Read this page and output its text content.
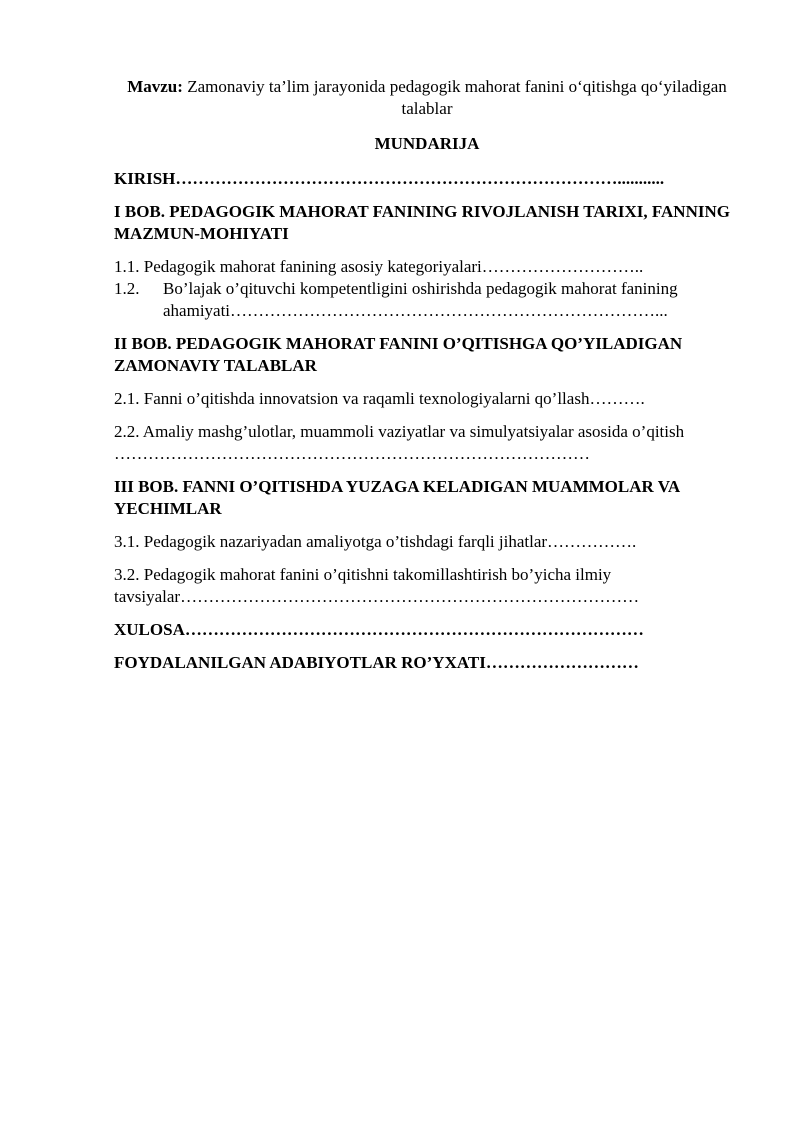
Mavzu: Zamonaviy ta’lim jarayonida pedagogik mahorat fanini o‘qitishga qo‘yiladigan talablar

MUNDARIJA

KIRISH……………………………………………………………………...........

I BOB. PEDAGOGIK MAHORAT FANINING RIVOJLANISH TARIXI, FANNING MAZMUN-MOHIYATI

1.1. Pedagogik mahorat fanining asosiy kategoriyalari………………………..

1.2.	Bo’lajak o’qituvchi kompetentligini oshirishda pedagogik mahorat fanining ahamiyati…………………………………………………………………...

II BOB. PEDAGOGIK MAHORAT FANINI O’QITISHGA QO’YILADIGAN ZAMONAVIY TALABLAR

2.1. Fanni o’qitishda innovatsion va raqamli texnologiyalarni qo’llash……….

2.2. Amaliy mashg’ulotlar, muammoli vaziyatlar va simulyatsiyalar asosida o’qitish …………………………………………………………………………

III BOB. FANNI O’QITISHDA YUZAGA KELADIGAN MUAMMOLAR VA YECHIMLAR

3.1. Pedagogik nazariyadan amaliyotga o’tishdagi farqli jihatlar…………….

3.2. Pedagogik mahorat fanini o’qitishni takomillashtirish bo’yicha ilmiy tavsiyalar………………………………………………………………………

XULOSA………………………………………………………………………

FOYDALANILGAN ADABIYOTLAR RO’YXATI………………………
